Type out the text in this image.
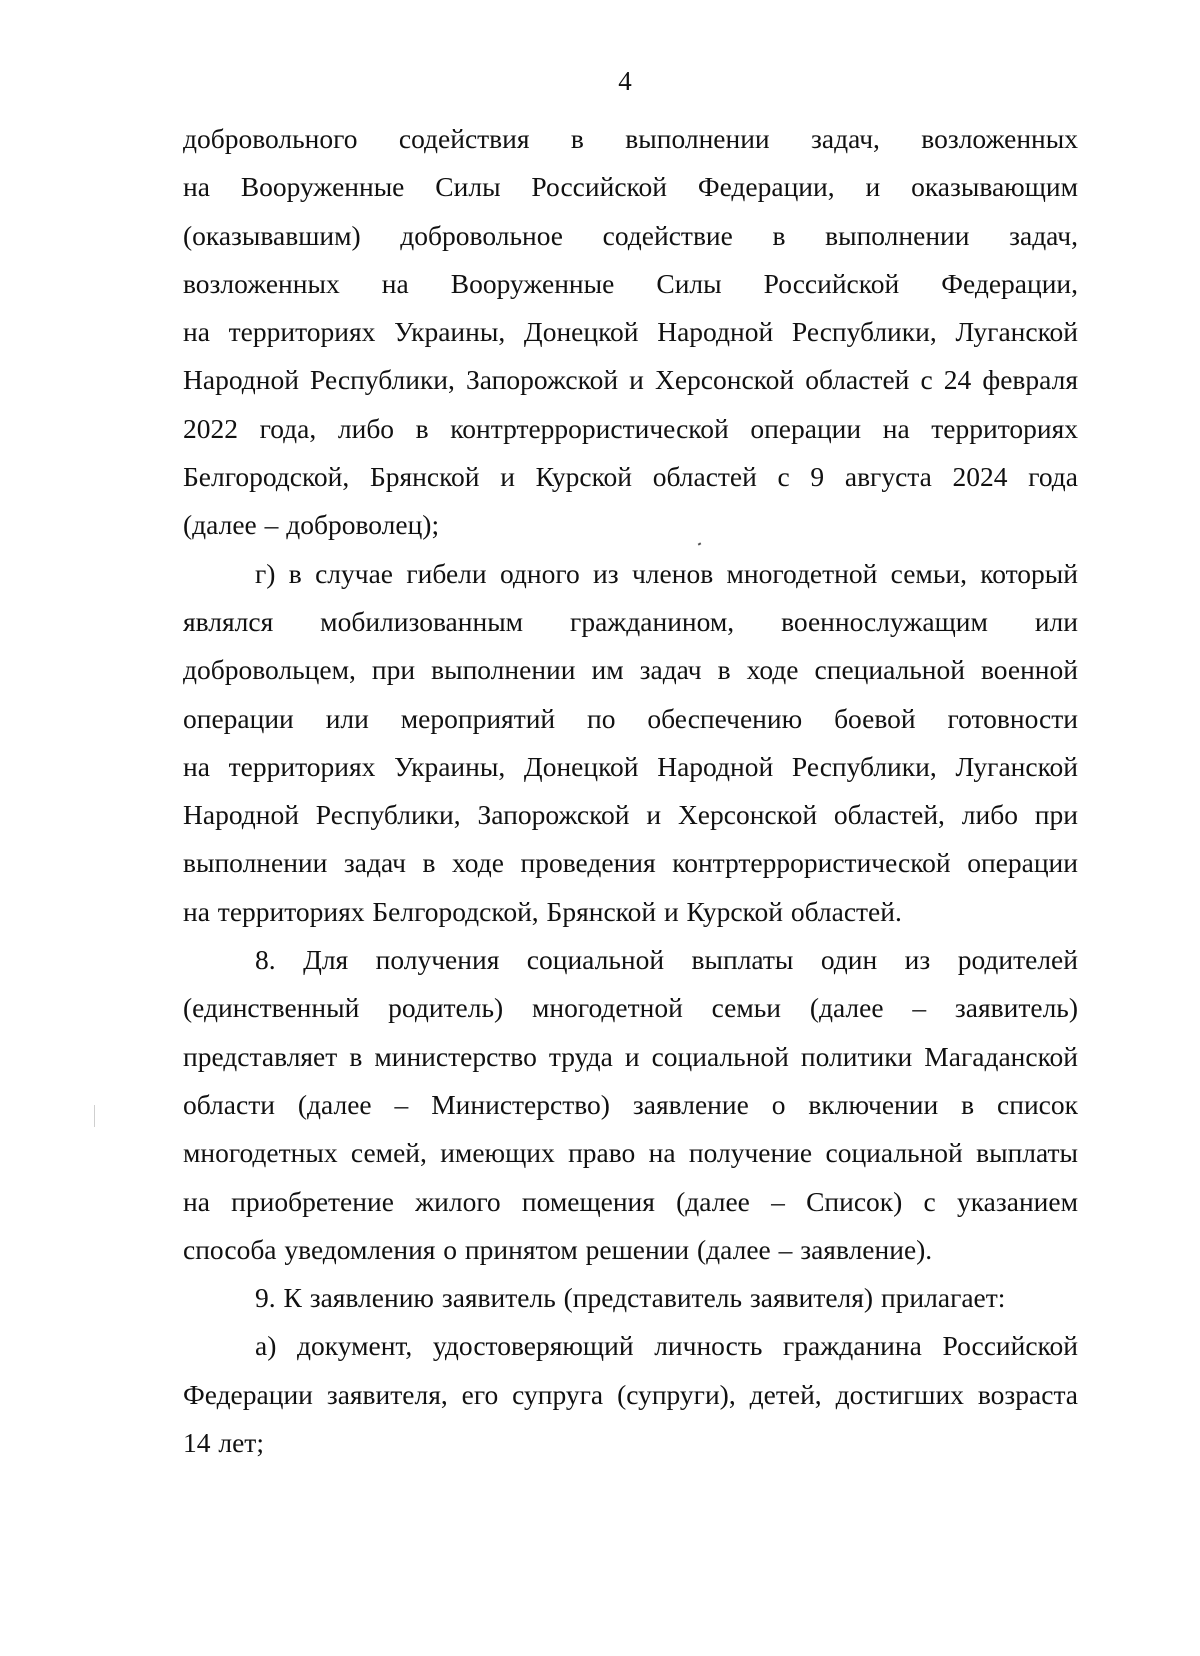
4

добровольного содействия в выполнении задач, возложенных
на Вооруженные Силы Российской Федерации, и оказывающим
(оказывавшим) добровольное содействие в выполнении задач,
возложенных на Вооруженные Силы Российской Федерации,
на территориях Украины, Донецкой Народной Республики, Луганской
Народной Республики, Запорожской и Херсонской областей с 24 февраля
2022 года, либо в контртеррористической операции на территориях
Белгородской, Брянской и Курской областей с 9 августа 2024 года
(далее – доброволец);

г) в случае гибели одного из членов многодетной семьи, который
являлся мобилизованным гражданином, военнослужащим или
добровольцем, при выполнении им задач в ходе специальной военной
операции или мероприятий по обеспечению боевой готовности
на территориях Украины, Донецкой Народной Республики, Луганской
Народной Республики, Запорожской и Херсонской областей, либо при
выполнении задач в ходе проведения контртеррористической операции
на территориях Белгородской, Брянской и Курской областей.

8. Для получения социальной выплаты один из родителей
(единственный родитель) многодетной семьи (далее – заявитель)
представляет в министерство труда и социальной политики Магаданской
области (далее – Министерство) заявление о включении в список
многодетных семей, имеющих право на получение социальной выплаты
на приобретение жилого помещения (далее – Список) с указанием
способа уведомления о принятом решении (далее – заявление).

9. К заявлению заявитель (представитель заявителя) прилагает:

а) документ, удостоверяющий личность гражданина Российской
Федерации заявителя, его супруга (супруги), детей, достигших возраста
14 лет;
